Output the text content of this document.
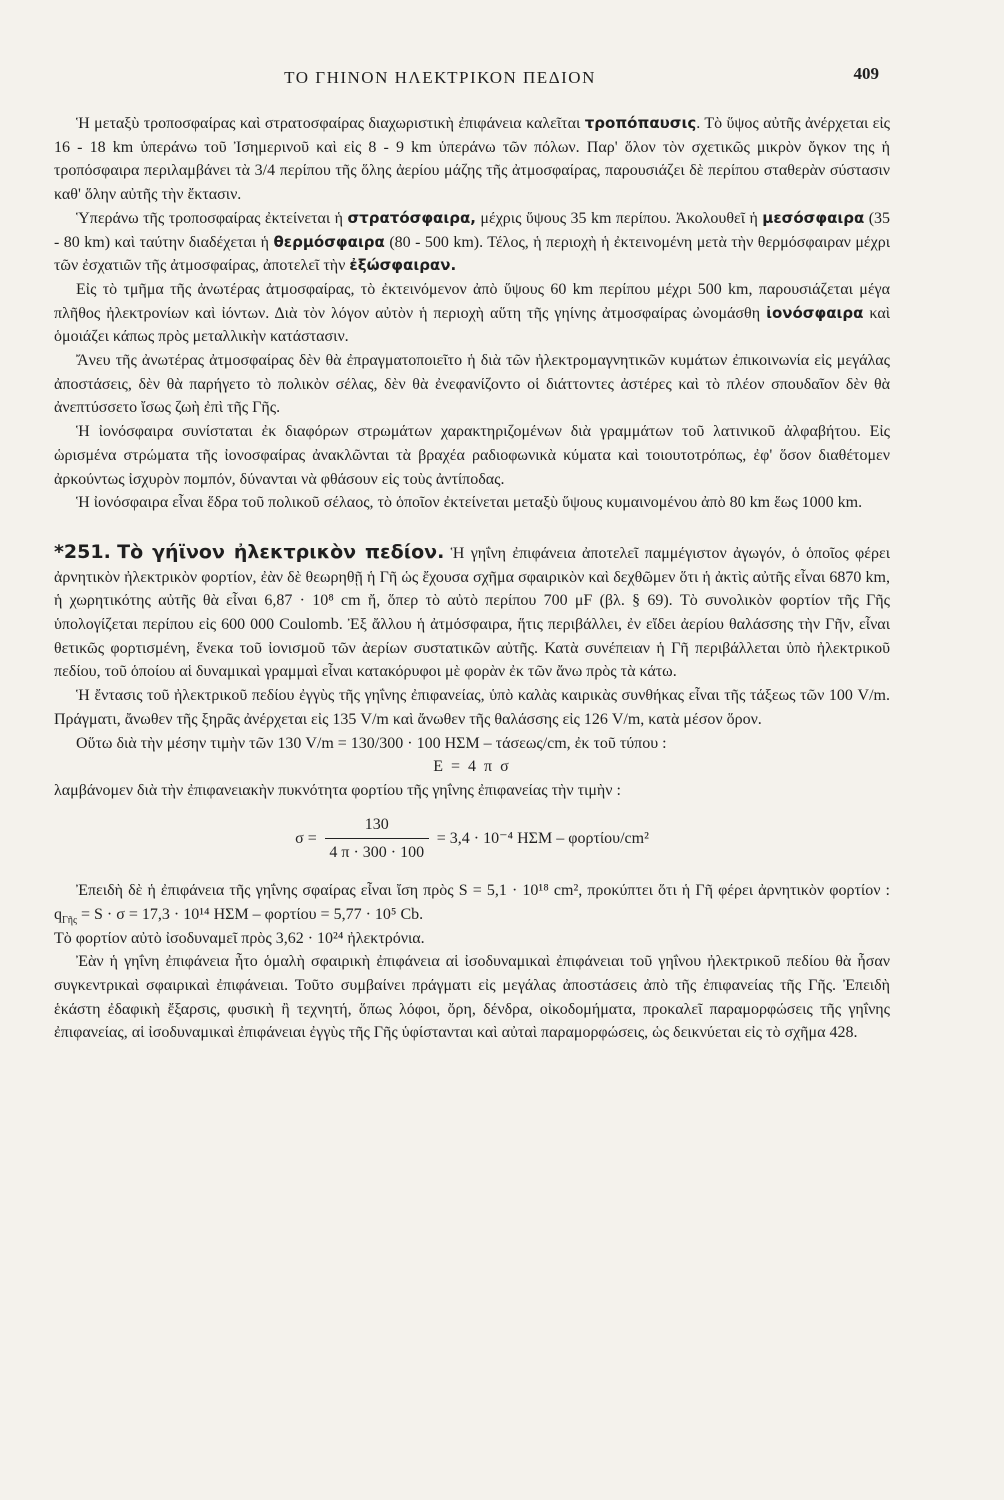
ΤΟ ΓΗΙΝΟΝ ΗΛΕΚΤΡΙΚΟΝ ΠΕΔΙΟΝ	409

Ἡ μεταξὺ τροποσφαίρας καὶ στρατοσφαίρας διαχωριστικὴ ἐπιφάνεια καλεῖται τροπόπαυσις. Τὸ ὕψος αὐτῆς ἀνέρχεται εἰς 16 - 18 km ὑπεράνω τοῦ Ἰσημερινοῦ καὶ εἰς 8 - 9 km ὑπεράνω τῶν πόλων. Παρ' ὅλον τὸν σχετικῶς μικρὸν ὄγκον της ἡ τροπόσφαιρα περιλαμβάνει τὰ 3/4 περίπου τῆς ὅλης ἀερίου μάζης τῆς ἀτμοσφαίρας, παρουσιάζει δὲ περίπου σταθερὰν σύστασιν καθ' ὅλην αὐτῆς τὴν ἔκτασιν.

Ὑπεράνω τῆς τροποσφαίρας ἐκτείνεται ἡ στρατόσφαιρα, μέχρις ὕψους 35 km περίπου. Ἀκολουθεῖ ἡ μεσόσφαιρα (35 - 80 km) καὶ ταύτην διαδέχεται ἡ θερμόσφαιρα (80 - 500 km). Τέλος, ἡ περιοχὴ ἡ ἐκτεινομένη μετὰ τὴν θερμόσφαιραν μέχρι τῶν ἐσχατιῶν τῆς ἀτμοσφαίρας, ἀποτελεῖ τὴν ἐξώσφαιραν.

Εἰς τὸ τμῆμα τῆς ἀνωτέρας ἀτμοσφαίρας, τὸ ἐκτεινόμενον ἀπὸ ὕψους 60 km περίπου μέχρι 500 km, παρουσιάζεται μέγα πλῆθος ἠλεκτρονίων καὶ ἰόντων. Διὰ τὸν λόγον αὐτὸν ἡ περιοχὴ αὕτη τῆς γηίνης ἀτμοσφαίρας ὠνομάσθη ἰονόσφαιρα καὶ ὁμοιάζει κάπως πρὸς μεταλλικὴν κατάστασιν.

Ἄνευ τῆς ἀνωτέρας ἀτμοσφαίρας δὲν θὰ ἐπραγματοποιεῖτο ἡ διὰ τῶν ἠλεκτρομαγνητικῶν κυμάτων ἐπικοινωνία εἰς μεγάλας ἀποστάσεις, δὲν θὰ παρήγετο τὸ πολικὸν σέλας, δὲν θὰ ἐνεφανίζοντο οἱ διάττοντες ἀστέρες καὶ τὸ πλέον σπουδαῖον δὲν θὰ ἀνεπτύσσετο ἴσως ζωὴ ἐπὶ τῆς Γῆς.

Ἡ ἰονόσφαιρα συνίσταται ἐκ διαφόρων στρωμάτων χαρακτηριζομένων διὰ γραμμάτων τοῦ λατινικοῦ ἀλφαβήτου. Εἰς ὡρισμένα στρώματα τῆς ἰονοσφαίρας ἀνακλῶνται τὰ βραχέα ραδιοφωνικὰ κύματα καὶ τοιουτοτρόπως, ἐφ' ὅσον διαθέτομεν ἀρκούντως ἰσχυρὸν πομπόν, δύνανται νὰ φθάσουν εἰς τοὺς ἀντίποδας.

Ἡ ἰονόσφαιρα εἶναι ἕδρα τοῦ πολικοῦ σέλαος, τὸ ὁποῖον ἐκτείνεται μεταξὺ ὕψους κυμαινομένου ἀπὸ 80 km ἕως 1000 km.

*251. Τὸ γήϊνον ἠλεκτρικὸν πεδίον. Ἡ γηΐνη ἐπιφάνεια ἀποτελεῖ παμμέγιστον ἀγωγόν, ὁ ὁποῖος φέρει ἀρνητικὸν ἠλεκτρικὸν φορτίον, ἐὰν δὲ θεωρηθῇ ἡ Γῆ ὡς ἔχουσα σχῆμα σφαιρικὸν καὶ δεχθῶμεν ὅτι ἡ ἀκτὶς αὐτῆς εἶναι 6870 km, ἡ χωρητικότης αὐτῆς θὰ εἶναι 6,87 · 10⁸ cm ἤ, ὅπερ τὸ αὐτὸ περίπου 700 μF (βλ. § 69). Τὸ συνολικὸν φορτίον τῆς Γῆς ὑπολογίζεται περίπου εἰς 600 000 Coulomb. Ἐξ ἄλλου ἡ ἀτμόσφαιρα, ἥτις περιβάλλει, ἐν εἴδει ἀερίου θαλάσσης τὴν Γῆν, εἶναι θετικῶς φορτισμένη, ἕνεκα τοῦ ἰονισμοῦ τῶν ἀερίων συστατικῶν αὐτῆς. Κατὰ συνέπειαν ἡ Γῆ περιβάλλεται ὑπὸ ἠλεκτρικοῦ πεδίου, τοῦ ὁποίου αἱ δυναμικαὶ γραμμαὶ εἶναι κατακόρυφοι μὲ φορὰν ἐκ τῶν ἄνω πρὸς τὰ κάτω.

Ἡ ἔντασις τοῦ ἠλεκτρικοῦ πεδίου ἐγγὺς τῆς γηΐνης ἐπιφανείας, ὑπὸ καλὰς καιρικὰς συνθήκας εἶναι τῆς τάξεως τῶν 100 V/m. Πράγματι, ἄνωθεν τῆς ξηρᾶς ἀνέρχεται εἰς 135 V/m καὶ ἄνωθεν τῆς θαλάσσης εἰς 126 V/m, κατὰ μέσον ὅρον.

Οὕτω διὰ τὴν μέσην τιμὴν τῶν 130 V/m = 130/300 · 100 ΗΣΜ – τάσεως/cm, ἐκ τοῦ τύπου :

E = 4 π σ

λαμβάνομεν διὰ τὴν ἐπιφανειακὴν πυκνότητα φορτίου τῆς γηΐνης ἐπιφανείας τὴν τιμὴν :

$\sigma = \frac{130}{4 \pi \cdot 300 \cdot 100} = 3,4 \cdot 10^{-4}$ ΗΣΜ – φορτίου/cm²

Ἐπειδὴ δὲ ἡ ἐπιφάνεια τῆς γηΐνης σφαίρας εἶναι ἴση πρὸς S = 5,1 · 10¹⁸ cm², προκύπτει ὅτι ἡ Γῆ φέρει ἀρνητικὸν φορτίον : $q_{\Gamma ῆ\varsigma} = S \cdot \sigma = 17,3 \cdot 10^{14}$ ΗΣΜ – φορτίου = 5,77 · 10⁵ Cb.

Τὸ φορτίον αὐτὸ ἰσοδυναμεῖ πρὸς 3,62 · 10²⁴ ἠλεκτρόνια.

Ἐὰν ἡ γηΐνη ἐπιφάνεια ἦτο ὁμαλὴ σφαιρικὴ ἐπιφάνεια αἱ ἰσοδυναμικαὶ ἐπιφάνειαι τοῦ γηΐνου ἠλεκτρικοῦ πεδίου θὰ ἦσαν συγκεντρικαὶ σφαιρικαὶ ἐπιφάνειαι. Τοῦτο συμβαίνει πράγματι εἰς μεγάλας ἀποστάσεις ἀπὸ τῆς ἐπιφανείας τῆς Γῆς. Ἐπειδὴ ἑκάστη ἐδαφικὴ ἔξαρσις, φυσικὴ ἢ τεχνητή, ὅπως λόφοι, ὄρη, δένδρα, οἰκοδομήματα, προκαλεῖ παραμορφώσεις τῆς γηΐνης ἐπιφανείας, αἱ ἰσοδυναμικαὶ ἐπιφάνειαι ἐγγὺς τῆς Γῆς ὑφίστανται καὶ αὐταὶ παραμορφώσεις, ὡς δεικνύεται εἰς τὸ σχῆμα 428.
